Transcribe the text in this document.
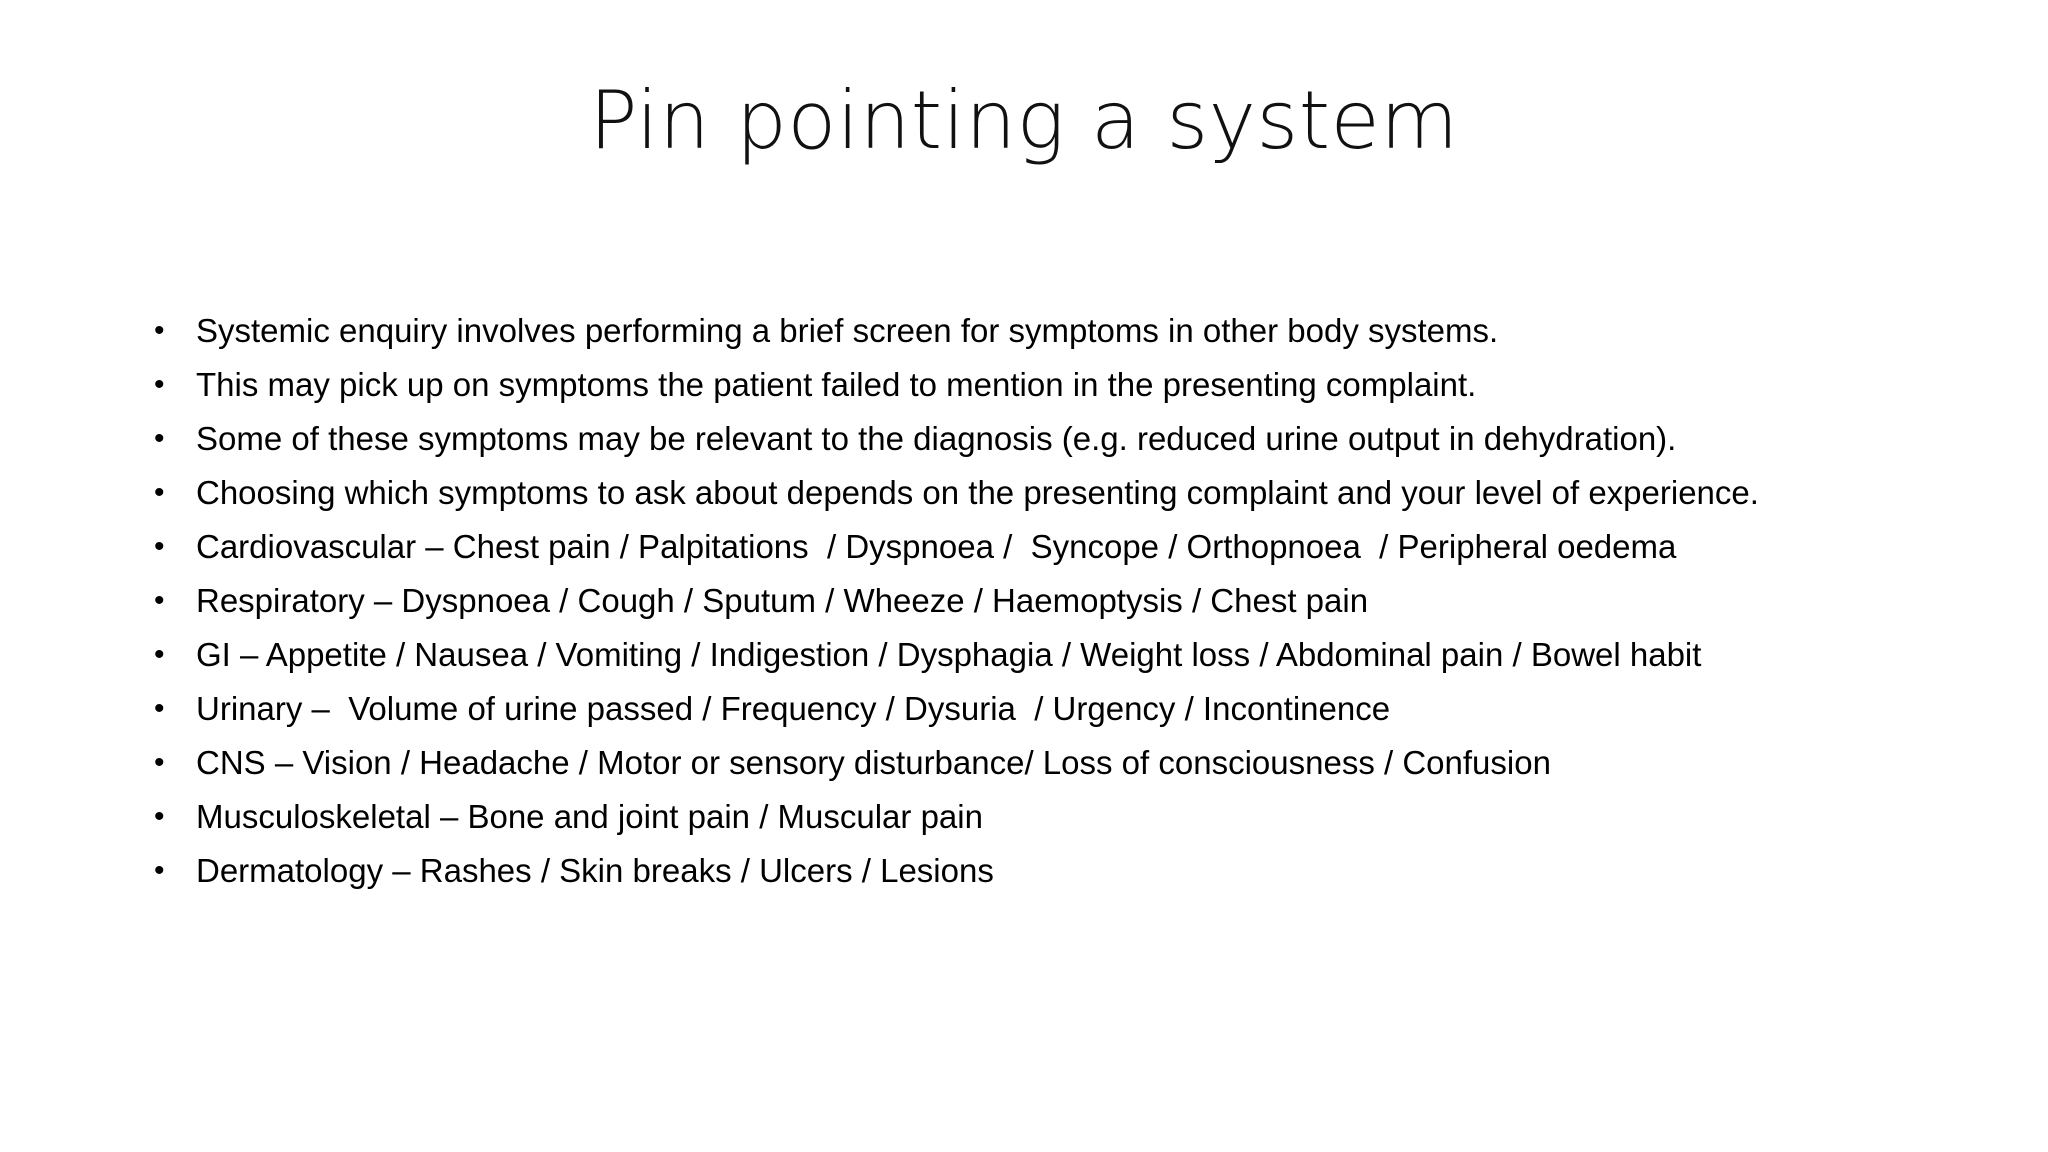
Pin pointing a system
• Systemic enquiry involves performing a brief screen for symptoms in other body systems.
• This may pick up on symptoms the patient failed to mention in the presenting complaint.
• Some of these symptoms may be relevant to the diagnosis (e.g. reduced urine output in dehydration).
• Choosing which symptoms to ask about depends on the presenting complaint and your level of experience.
• Cardiovascular – Chest pain / Palpitations  / Dyspnoea /  Syncope / Orthopnoea  / Peripheral oedema
• Respiratory – Dyspnoea / Cough / Sputum / Wheeze / Haemoptysis / Chest pain
• GI – Appetite / Nausea / Vomiting / Indigestion / Dysphagia / Weight loss / Abdominal pain / Bowel habit
• Urinary –  Volume of urine passed / Frequency / Dysuria  / Urgency / Incontinence
• CNS – Vision / Headache / Motor or sensory disturbance/ Loss of consciousness / Confusion
• Musculoskeletal – Bone and joint pain / Muscular pain
• Dermatology – Rashes / Skin breaks / Ulcers / Lesions
